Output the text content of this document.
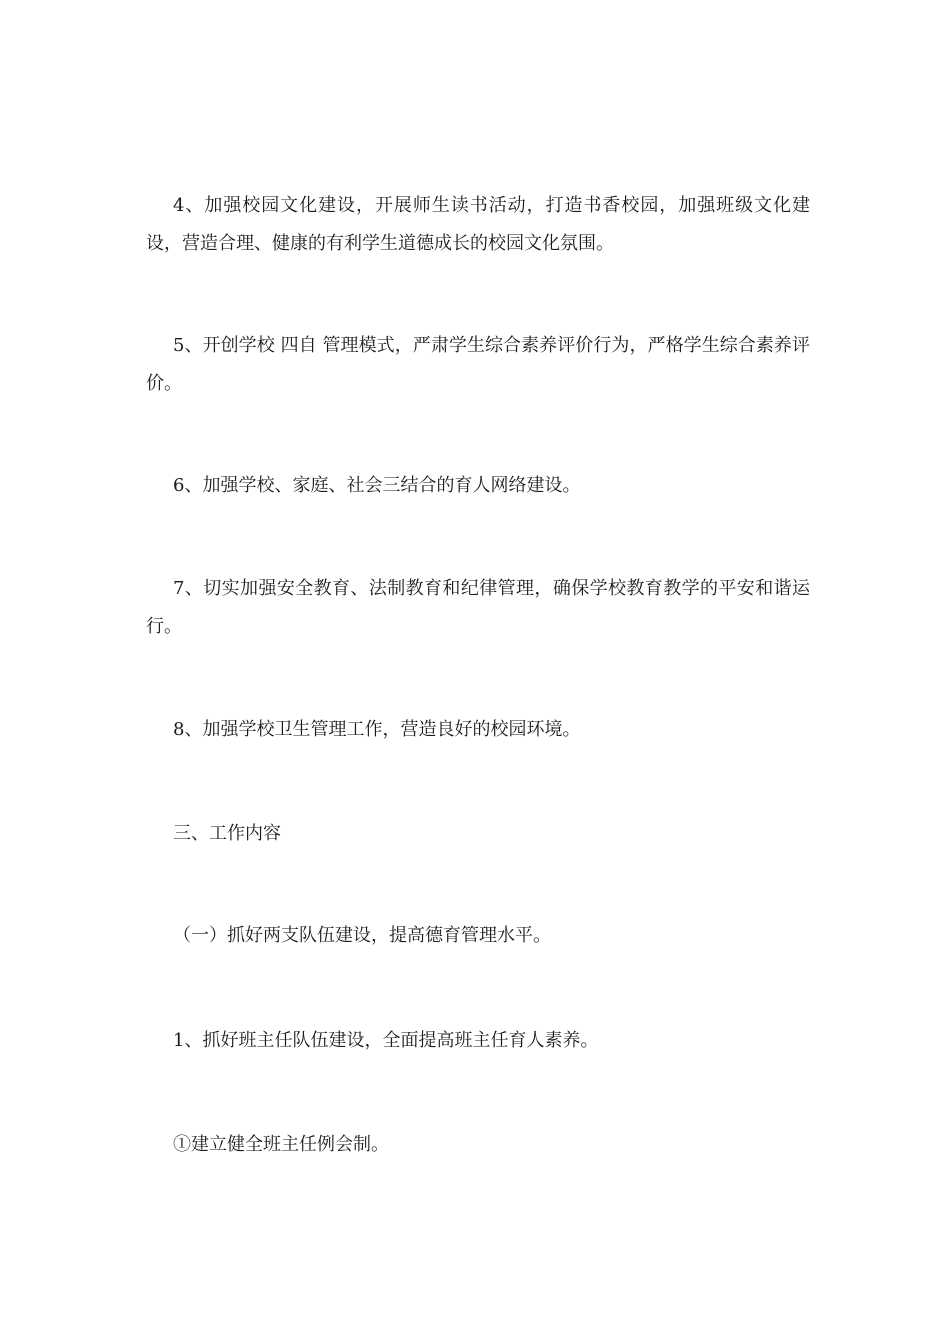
4、加强校园文化建设，开展师生读书活动，打造书香校园，加强班级文化建设，营造合理、健康的有利学生道德成长的校园文化氛围。

5、开创学校 四自 管理模式，严肃学生综合素养评价行为，严格学生综合素养评价。

6、加强学校、家庭、社会三结合的育人网络建设。

7、切实加强安全教育、法制教育和纪律管理，确保学校教育教学的平安和谐运行。

8、加强学校卫生管理工作，营造良好的校园环境。

三、工作内容

（一）抓好两支队伍建设，提高德育管理水平。

1、抓好班主任队伍建设，全面提高班主任育人素养。

①建立健全班主任例会制。
